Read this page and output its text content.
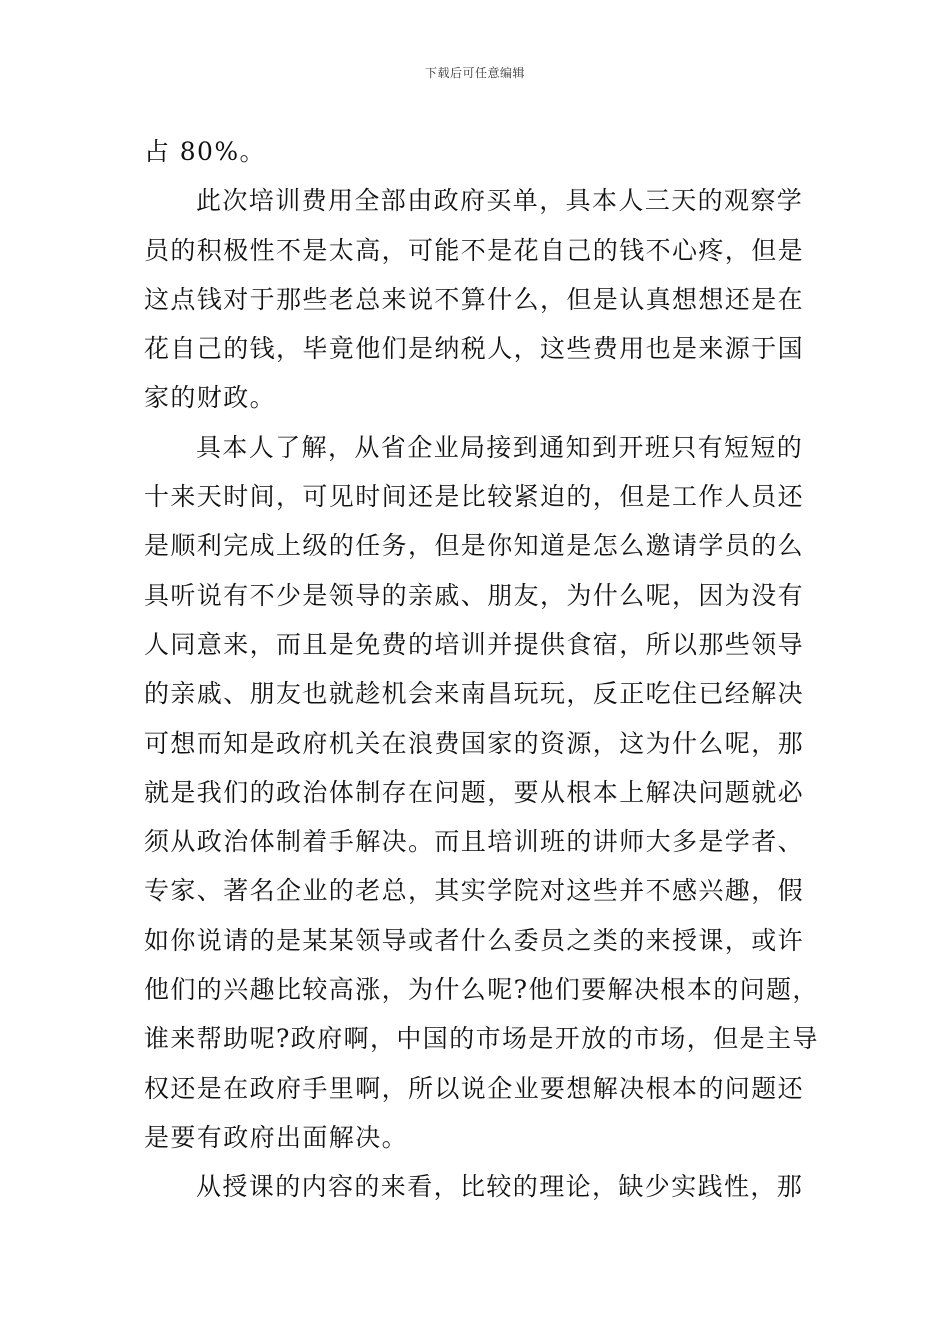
下载后可任意编辑
占 80%。
此次培训费用全部由政府买单，具本人三天的观察学
员的积极性不是太高，可能不是花自己的钱不心疼，但是
这点钱对于那些老总来说不算什么，但是认真想想还是在
花自己的钱，毕竟他们是纳税人，这些费用也是来源于国
家的财政。
具本人了解，从省企业局接到通知到开班只有短短的
十来天时间，可见时间还是比较紧迫的，但是工作人员还
是顺利完成上级的任务，但是你知道是怎么邀请学员的么
具听说有不少是领导的亲戚、朋友，为什么呢，因为没有
人同意来，而且是免费的培训并提供食宿，所以那些领导
的亲戚、朋友也就趁机会来南昌玩玩，反正吃住已经解决
可想而知是政府机关在浪费国家的资源，这为什么呢，那
就是我们的政治体制存在问题，要从根本上解决问题就必
须从政治体制着手解决。而且培训班的讲师大多是学者、
专家、著名企业的老总，其实学院对这些并不感兴趣，假
如你说请的是某某领导或者什么委员之类的来授课，或许
他们的兴趣比较高涨，为什么呢?他们要解决根本的问题，
谁来帮助呢?政府啊，中国的市场是开放的市场，但是主导
权还是在政府手里啊，所以说企业要想解决根本的问题还
是要有政府出面解决。
从授课的内容的来看，比较的理论，缺少实践性，那
